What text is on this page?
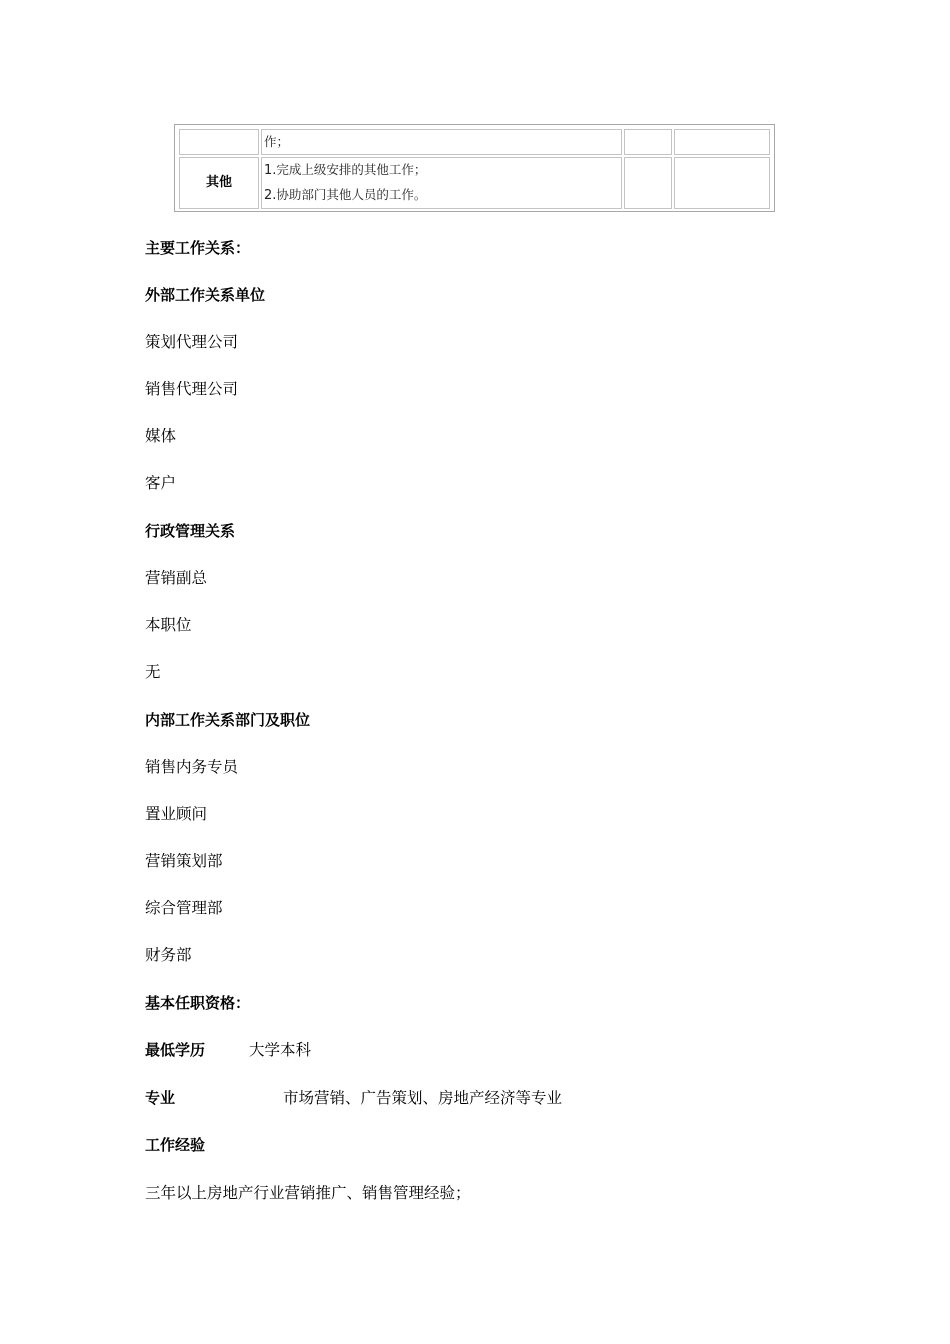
	作；		

其他	1.完成上级安排的其他工作；
2.协助部门其他人员的工作。		

主要工作关系：
外部工作关系单位
策划代理公司
销售代理公司
媒体
客户
行政管理关系
营销副总
本职位
无
内部工作关系部门及职位
销售内务专员
置业顾问
营销策划部
综合管理部
财务部
基本任职资格：
最低学历	大学本科
专业	市场营销、广告策划、房地产经济等专业
工作经验
三年以上房地产行业营销推广、销售管理经验；
